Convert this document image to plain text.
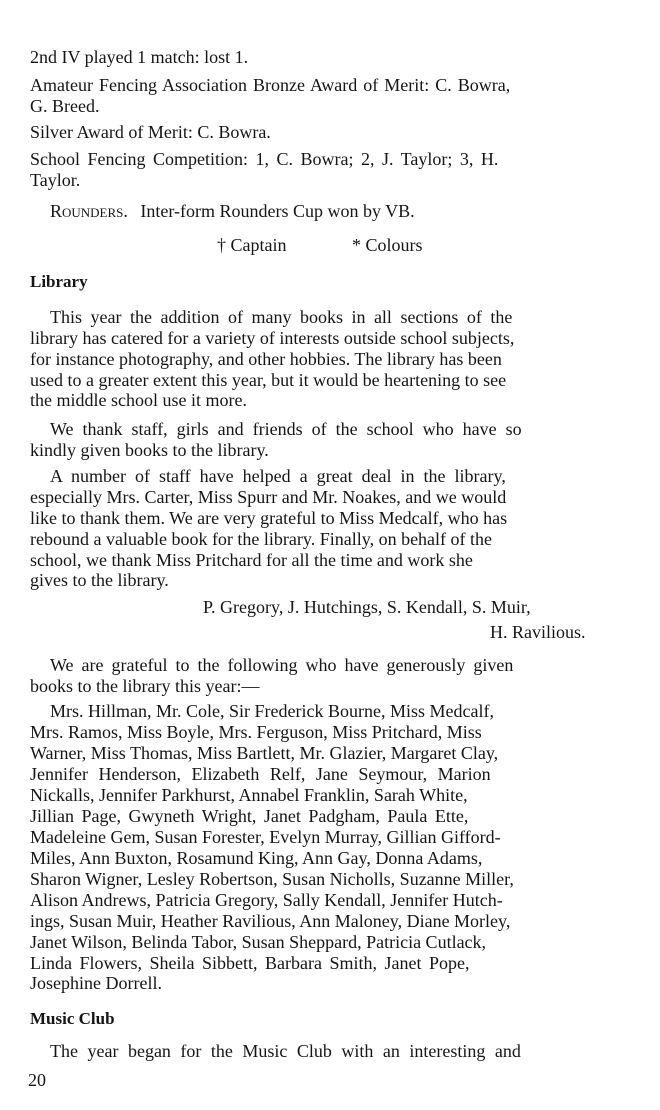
2nd IV played 1 match: lost 1.
Amateur Fencing Association Bronze Award of Merit: C. Bowra,
G. Breed.
Silver Award of Merit: C. Bowra.
School Fencing Competition: 1, C. Bowra; 2, J. Taylor; 3, H.
Taylor.
Rounders. Inter-form Rounders Cup won by VB.
† Captain	* Colours
Library
This year the addition of many books in all sections of the
library has catered for a variety of interests outside school subjects,
for instance photography, and other hobbies. The library has been
used to a greater extent this year, but it would be heartening to see
the middle school use it more.
We thank staff, girls and friends of the school who have so
kindly given books to the library.
A number of staff have helped a great deal in the library,
especially Mrs. Carter, Miss Spurr and Mr. Noakes, and we would
like to thank them. We are very grateful to Miss Medcalf, who has
rebound a valuable book for the library. Finally, on behalf of the
school, we thank Miss Pritchard for all the time and work she
gives to the library.
P. Gregory, J. Hutchings, S. Kendall, S. Muir,
H. Ravilious.
We are grateful to the following who have generously given
books to the library this year:—
Mrs. Hillman, Mr. Cole, Sir Frederick Bourne, Miss Medcalf,
Mrs. Ramos, Miss Boyle, Mrs. Ferguson, Miss Pritchard, Miss
Warner, Miss Thomas, Miss Bartlett, Mr. Glazier, Margaret Clay,
Jennifer Henderson, Elizabeth Relf, Jane Seymour, Marion
Nickalls, Jennifer Parkhurst, Annabel Franklin, Sarah White,
Jillian Page, Gwyneth Wright, Janet Padgham, Paula Ette,
Madeleine Gem, Susan Forester, Evelyn Murray, Gillian Gifford-
Miles, Ann Buxton, Rosamund King, Ann Gay, Donna Adams,
Sharon Wigner, Lesley Robertson, Susan Nicholls, Suzanne Miller,
Alison Andrews, Patricia Gregory, Sally Kendall, Jennifer Hutch-
ings, Susan Muir, Heather Ravilious, Ann Maloney, Diane Morley,
Janet Wilson, Belinda Tabor, Susan Sheppard, Patricia Cutlack,
Linda Flowers, Sheila Sibbett, Barbara Smith, Janet Pope,
Josephine Dorrell.
Music Club
The year began for the Music Club with an interesting and
20
